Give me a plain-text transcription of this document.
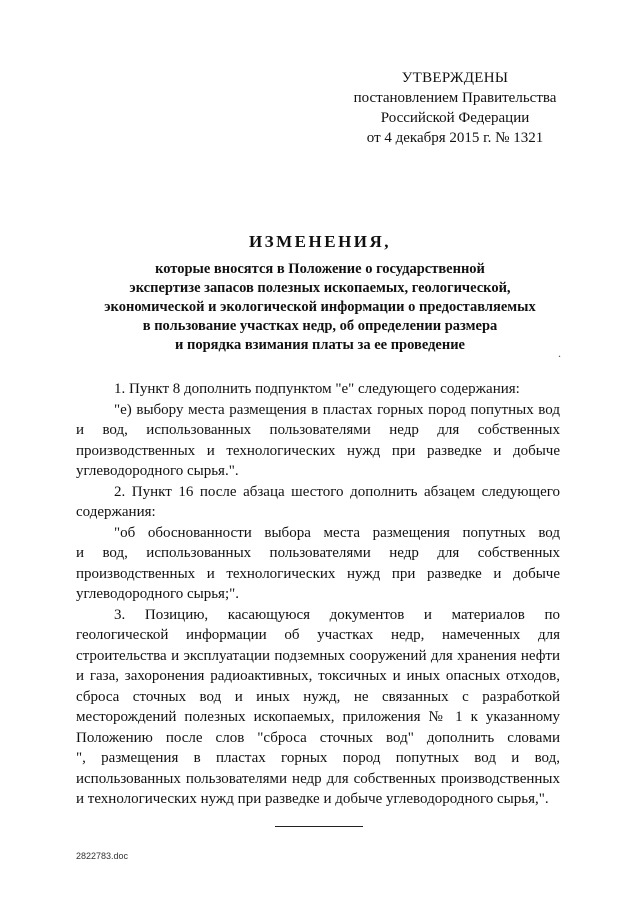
УТВЕРЖДЕНЫ
постановлением Правительства
Российской Федерации
от 4 декабря 2015 г. № 1321
ИЗМЕНЕНИЯ,
которые вносятся в Положение о государственной
экспертизе запасов полезных ископаемых, геологической,
экономической и экологической информации о предоставляемых
в пользование участках недр, об определении размера
и порядка взимания платы за ее проведение	.
1. Пункт 8 дополнить подпунктом "е" следующего содержания:
"е) выбору места размещения в пластах горных пород попутных вод
и вод, использованных пользователями недр для собственных
производственных и технологических нужд при разведке и добыче
углеводородного сырья.".
2. Пункт 16 после абзаца шестого дополнить абзацем следующего
содержания:
"об обоснованности выбора места размещения попутных вод
и вод, использованных пользователями недр для собственных
производственных и технологических нужд при разведке и добыче
углеводородного сырья;".
3. Позицию, касающуюся документов и материалов по
геологической информации об участках недр, намеченных для
строительства и эксплуатации подземных сооружений для хранения нефти
и газа, захоронения радиоактивных, токсичных и иных опасных отходов,
сброса сточных вод и иных нужд, не связанных с разработкой
месторождений полезных ископаемых, приложения № 1 к указанному
Положению после слов "сброса сточных вод" дополнить словами
", размещения в пластах горных пород попутных вод и вод,
использованных пользователями недр для собственных производственных
и технологических нужд при разведке и добыче углеводородного сырья,".
2822783.doc
